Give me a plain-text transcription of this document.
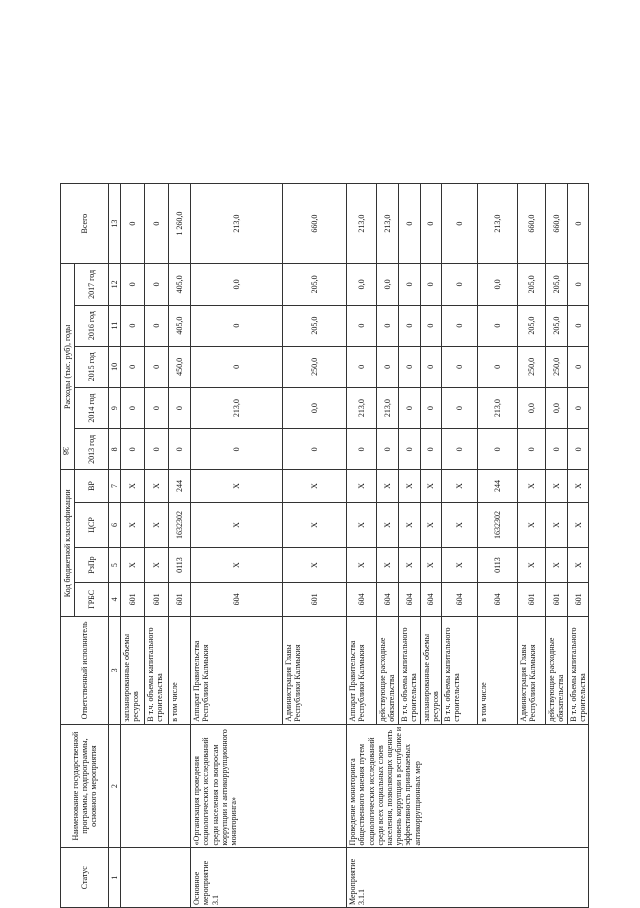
38
Статус	Наименование государственной программы, подпрограммы, основного мероприятия	Ответственный исполнитель	Код бюджетной классификации				Расходы (тыс. руб), годы					Всего
			ГРБС	РзПр	ЦСР	ВР	2013 год	2014 год	2015 год	2016 год	2017 год	
1	2	3	4	5	6	7	8	9	10	11	12	13
		запланированные объемы ресурсов	601	X	X	X	0	0	0	0	0	0
		В т.ч. объемы капитального строительства	601	X	X	X	0	0	0	0	0	0
		в том числе	601	0113	1632302	244	0	0	450,0	405,0	405,0	1 260,0
Основное мероприятие 3.1	«Организация проведения социологических исследований среди населения по вопросам коррупции и антикоррупционного мониторинга»	Аппарат Правительства Республики Калмыкия	604	X	X	X	0	213,0	0	0	0,0	213,0
		Администрация Главы Республики Калмыкия	601	X	X	X	0	0,0	250,0	205,0	205,0	660,0
Мероприятие 3.1.1	Проведение мониторинга общественного мнения путем социологических исследований среди всех социальных слоев населения, позволяющих оценить уровень коррупции в республике и эффективность принимаемых антикоррупционных мер	Аппарат Правительства Республики Калмыкия	604	X	X	X	0	213,0	0	0	0,0	213,0
		действующие расходные обязательства	604	X	X	X	0	213,0	0	0	0,0	213,0
		В т.ч. объемы капитального строительства	604	X	X	X	0	0	0	0	0	0
		запланированные объемы ресурсов	604	X	X	X	0	0	0	0	0	0
		В т.ч. объемы капитального строительства	604	X	X	X	0	0	0	0	0	0
		в том числе	604	0113	1632302	244	0	213,0	0	0	0,0	213,0
		Администрация Главы Республики Калмыкия	601	X	X	X	0	0,0	250,0	205,0	205,0	660,0
		действующие расходные обязательства	601	X	X	X	0	0,0	250,0	205,0	205,0	660,0
		В т.ч. объемы капитального строительства	601	X	X	X	0	0	0	0	0	0
